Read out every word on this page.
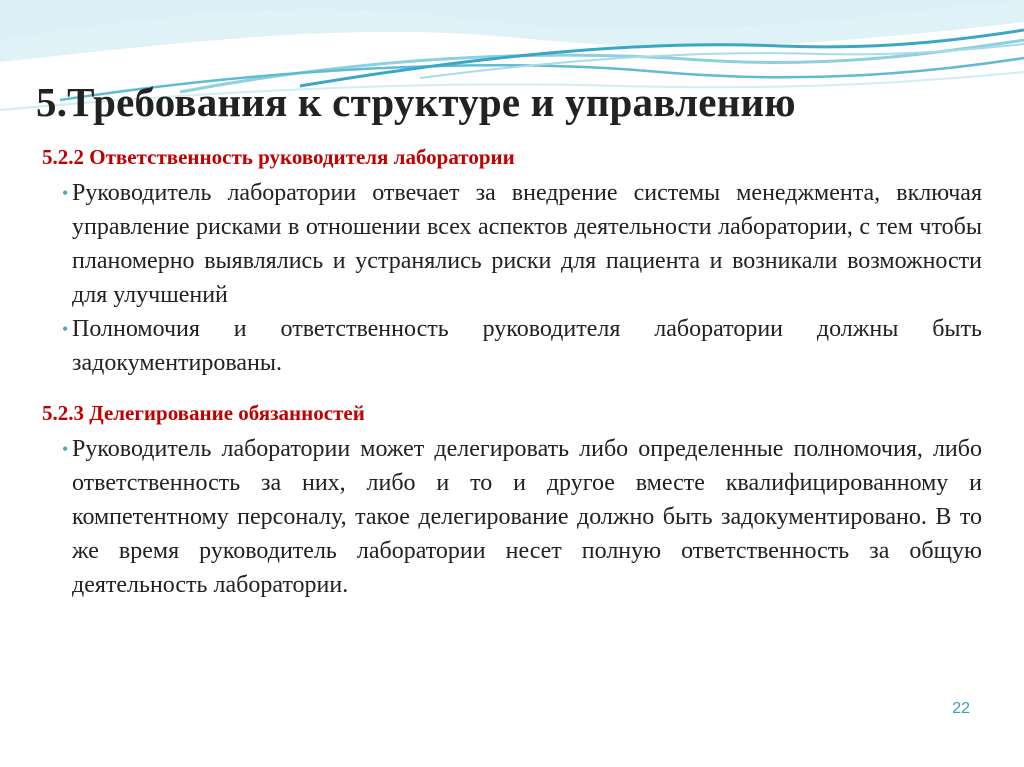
5.Требования к структуре и управлению

5.2.2 Ответственность руководителя лаборатории

• Руководитель лаборатории отвечает за внедрение системы менеджмента, включая управление рисками в отношении всех аспектов деятельности лаборатории, с тем чтобы планомерно выявлялись и устранялись риски для пациента и возникали возможности для улучшений
• Полномочия и ответственность руководителя лаборатории должны быть задокументированы.

5.2.3 Делегирование обязанностей

• Руководитель лаборатории может делегировать либо определенные полномочия, либо ответственность за них, либо и то и другое вместе квалифицированному и компетентному персоналу, такое делегирование должно быть задокументировано. В то же время руководитель лаборатории несет полную ответственность за общую деятельность лаборатории.
22
